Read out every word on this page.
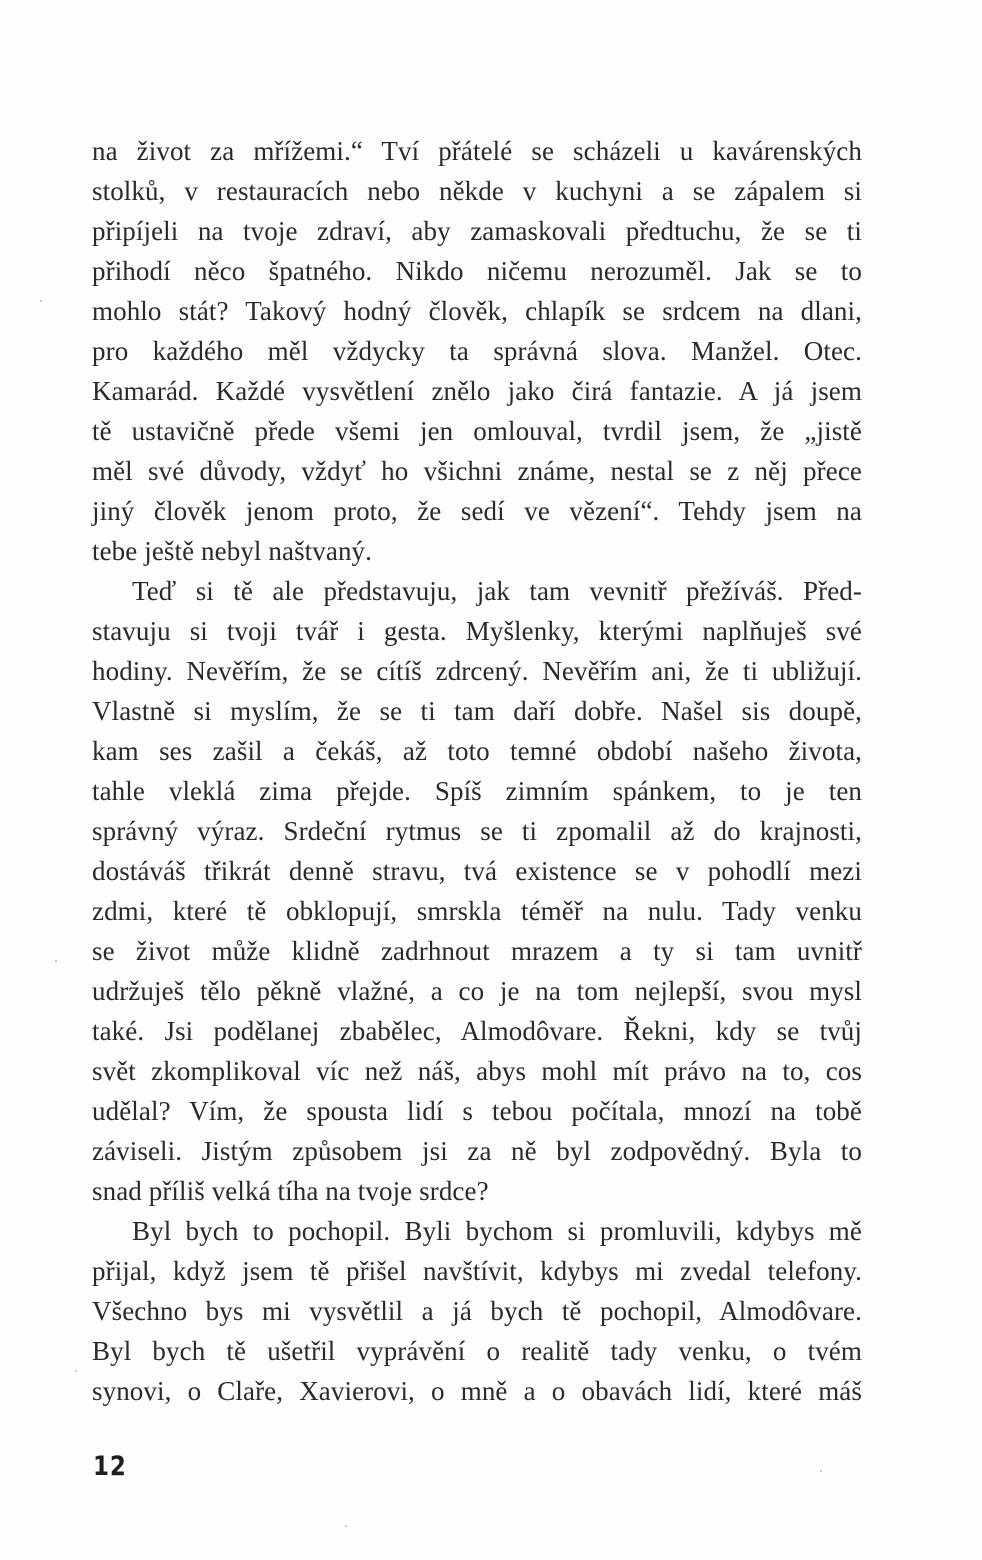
na život za mřížemi.“ Tví přátelé se scházeli u kavárenských
stolků, v restauracích nebo někde v kuchyni a se zápalem si
připíjeli na tvoje zdraví, aby zamaskovali předtuchu, že se ti
přihodí něco špatného. Nikdo ničemu nerozuměl. Jak se to
mohlo stát? Takový hodný člověk, chlapík se srdcem na dlani,
pro každého měl vždycky ta správná slova. Manžel. Otec.
Kamarád. Každé vysvětlení znělo jako čirá fantazie. A já jsem
tě ustavičně přede všemi jen omlouval, tvrdil jsem, že „jistě
měl své důvody, vždyť ho všichni známe, nestal se z něj přece
jiný člověk jenom proto, že sedí ve vězení“. Tehdy jsem na
tebe ještě nebyl naštvaný.
Teď si tě ale představuju, jak tam vevnitř přežíváš. Před-
stavuju si tvoji tvář i gesta. Myšlenky, kterými naplňuješ své
hodiny. Nevěřím, že se cítíš zdrcený. Nevěřím ani, že ti ubližují.
Vlastně si myslím, že se ti tam daří dobře. Našel sis doupě,
kam ses zašil a čekáš, až toto temné období našeho života,
tahle vleklá zima přejde. Spíš zimním spánkem, to je ten
správný výraz. Srdeční rytmus se ti zpomalil až do krajnosti,
dostáváš třikrát denně stravu, tvá existence se v pohodlí mezi
zdmi, které tě obklopují, smrskla téměř na nulu. Tady venku
se život může klidně zadrhnout mrazem a ty si tam uvnitř
udržuješ tělo pěkně vlažné, a co je na tom nejlepší, svou mysl
také. Jsi podělanej zbabělec, Almodôvare. Řekni, kdy se tvůj
svět zkomplikoval víc než náš, abys mohl mít právo na to, cos
udělal? Vím, že spousta lidí s tebou počítala, mnozí na tobě
záviseli. Jistým způsobem jsi za ně byl zodpovědný. Byla to
snad příliš velká tíha na tvoje srdce?
Byl bych to pochopil. Byli bychom si promluvili, kdybys mě
přijal, když jsem tě přišel navštívit, kdybys mi zvedal telefony.
Všechno bys mi vysvětlil a já bych tě pochopil, Almodôvare.
Byl bych tě ušetřil vyprávění o realitě tady venku, o tvém
synovi, o Claře, Xavierovi, o mně a o obavách lidí, které máš
12
